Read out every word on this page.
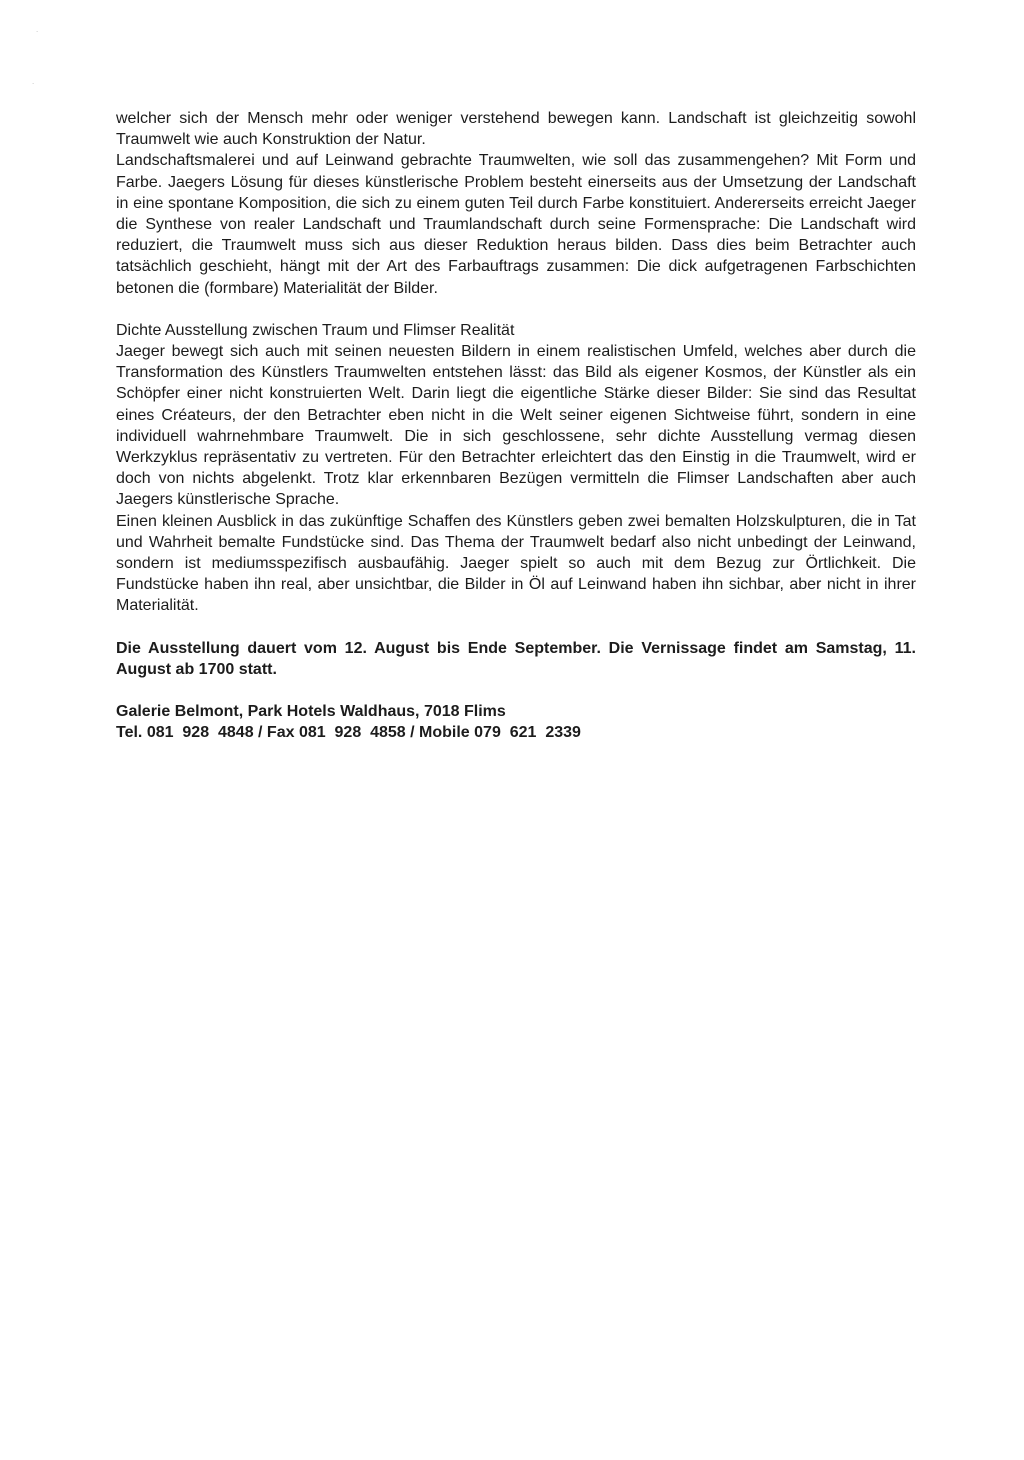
·
·

welcher sich der Mensch mehr oder weniger verstehend bewegen kann. Landschaft ist gleichzeitig sowohl Traumwelt wie auch Konstruktion der Natur.

Landschaftsmalerei und auf Leinwand gebrachte Traumwelten, wie soll das zusammengehen? Mit Form und Farbe. Jaegers Lösung für dieses künstlerische Problem besteht einerseits aus der Umsetzung der Landschaft in eine spontane Komposition, die sich zu einem guten Teil durch Farbe konstituiert. Andererseits erreicht Jaeger die Synthese von realer Landschaft und Traumlandschaft durch seine Formensprache: Die Landschaft wird reduziert, die Traumwelt muss sich aus dieser Reduktion heraus bilden. Dass dies beim Betrachter auch tatsächlich geschieht, hängt mit der Art des Farbauftrags zusammen: Die dick aufgetragenen Farbschichten betonen die (formbare) Materialität der Bilder.

Dichte Ausstellung zwischen Traum und Flimser Realität

Jaeger bewegt sich auch mit seinen neuesten Bildern in einem realistischen Umfeld, welches aber durch die Transformation des Künstlers Traumwelten entstehen lässt: das Bild als eigener Kosmos, der Künstler als ein Schöpfer einer nicht konstruierten Welt. Darin liegt die eigentliche Stärke dieser Bilder: Sie sind das Resultat eines Créateurs, der den Betrachter eben nicht in die Welt seiner eigenen Sichtweise führt, sondern in eine individuell wahrnehmbare Traumwelt. Die in sich geschlossene, sehr dichte Ausstellung vermag diesen Werkzyklus repräsentativ zu vertreten. Für den Betrachter erleichtert das den Einstig in die Traumwelt, wird er doch von nichts abgelenkt. Trotz klar erkennbaren Bezügen vermitteln die Flimser Landschaften aber auch Jaegers künstlerische Sprache.

Einen kleinen Ausblick in das zukünftige Schaffen des Künstlers geben zwei bemalten Holzskulpturen, die in Tat und Wahrheit bemalte Fundstücke sind. Das Thema der Traumwelt bedarf also nicht unbedingt der Leinwand, sondern ist mediumsspezifisch ausbaufähig. Jaeger spielt so auch mit dem Bezug zur Örtlichkeit. Die Fundstücke haben ihn real, aber unsichtbar, die Bilder in Öl auf Leinwand haben ihn sichbar, aber nicht in ihrer Materialität.

Die Ausstellung dauert vom 12. August bis Ende September. Die Vernissage findet am Samstag, 11. August ab 1700 statt.

Galerie Belmont, Park Hotels Waldhaus, 7018 Flims

Tel. 081  928  4848 / Fax 081  928  4858 / Mobile 079  621  2339
